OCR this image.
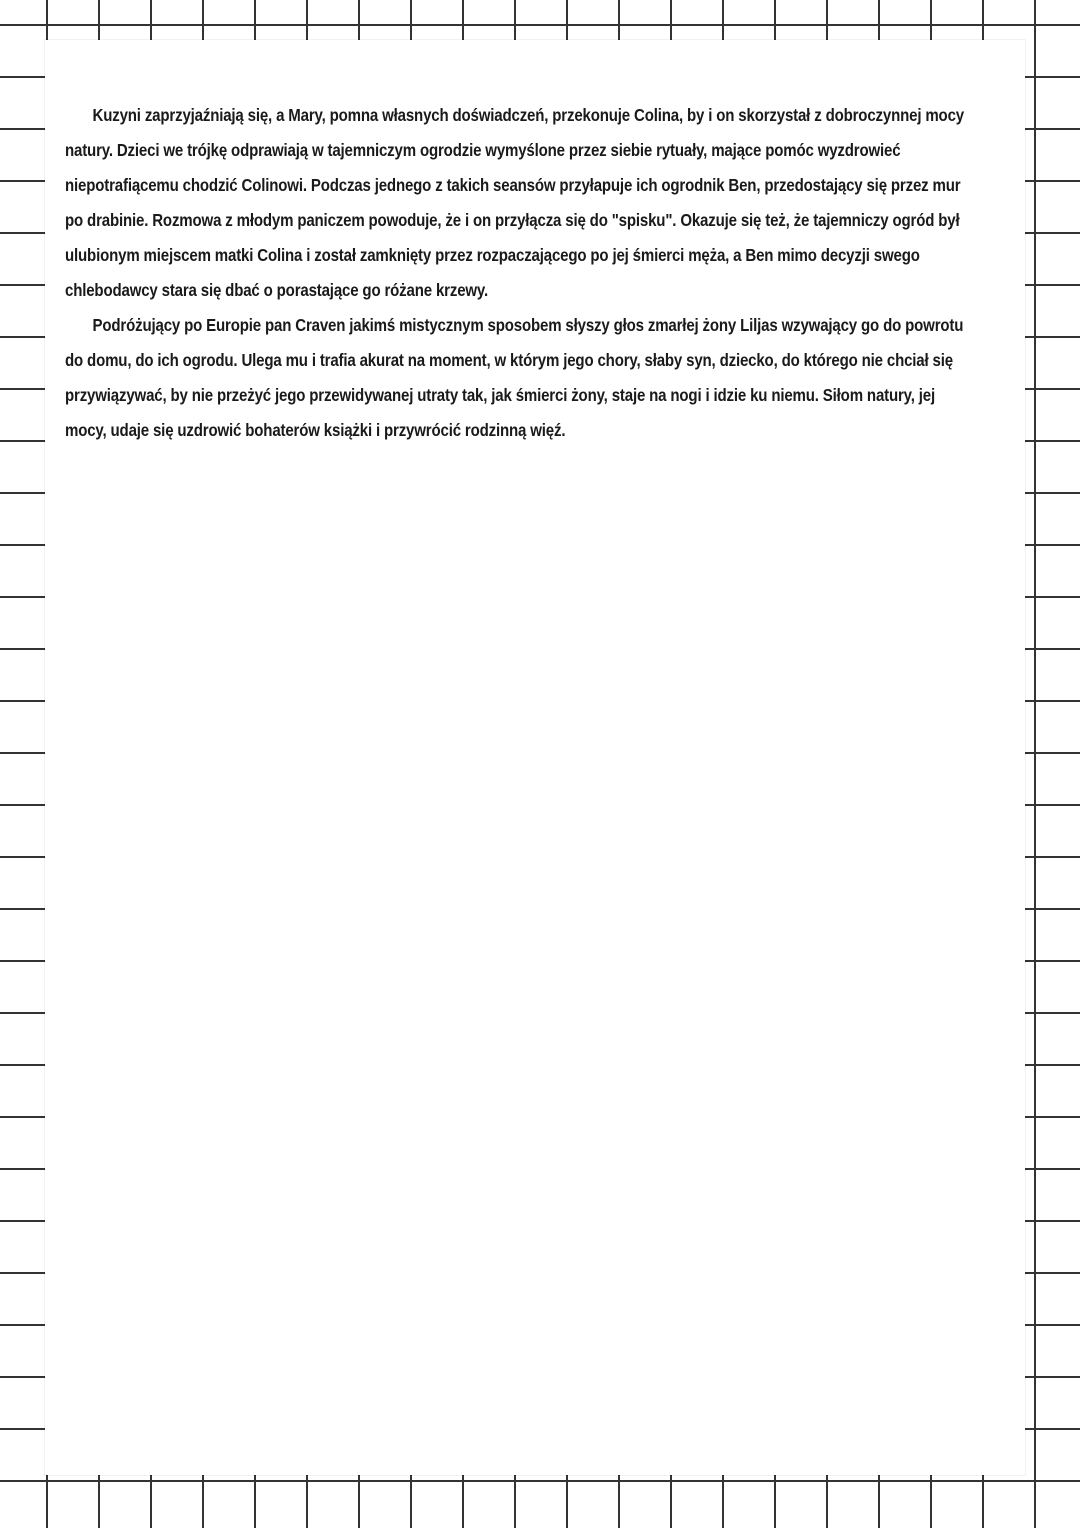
Kuzyni zaprzyjaźniają się, a Mary, pomna własnych doświadczeń, przekonuje Colina, by i on skorzystał z dobroczynnej mocy natury. Dzieci we trójkę odprawiają w tajemniczym ogrodzie wymyślone przez siebie rytuały, mające pomóc wyzdrowieć niepotrafiącemu chodzić Colinowi. Podczas jednego z takich seansów przyłapuje ich ogrodnik Ben, przedostający się przez mur po drabinie. Rozmowa z młodym paniczem powoduje, że i on przyłącza się do "spisku". Okazuje się też, że tajemniczy ogród był ulubionym miejscem matki Colina i został zamknięty przez rozpaczającego po jej śmierci męża, a Ben mimo decyzji swego chlebodawcy stara się dbać o porastające go różane krzewy.

Podróżujący po Europie pan Craven jakimś mistycznym sposobem słyszy głos zmarłej żony Liljas wzywający go do powrotu do domu, do ich ogrodu. Ulega mu i trafia akurat na moment, w którym jego chory, słaby syn, dziecko, do którego nie chciał się przywiązywać, by nie przeżyć jego przewidywanej utraty tak, jak śmierci żony, staje na nogi i idzie ku niemu. Siłom natury, jej mocy, udaje się uzdrowić bohaterów książki i przywrócić rodzinną więź.
